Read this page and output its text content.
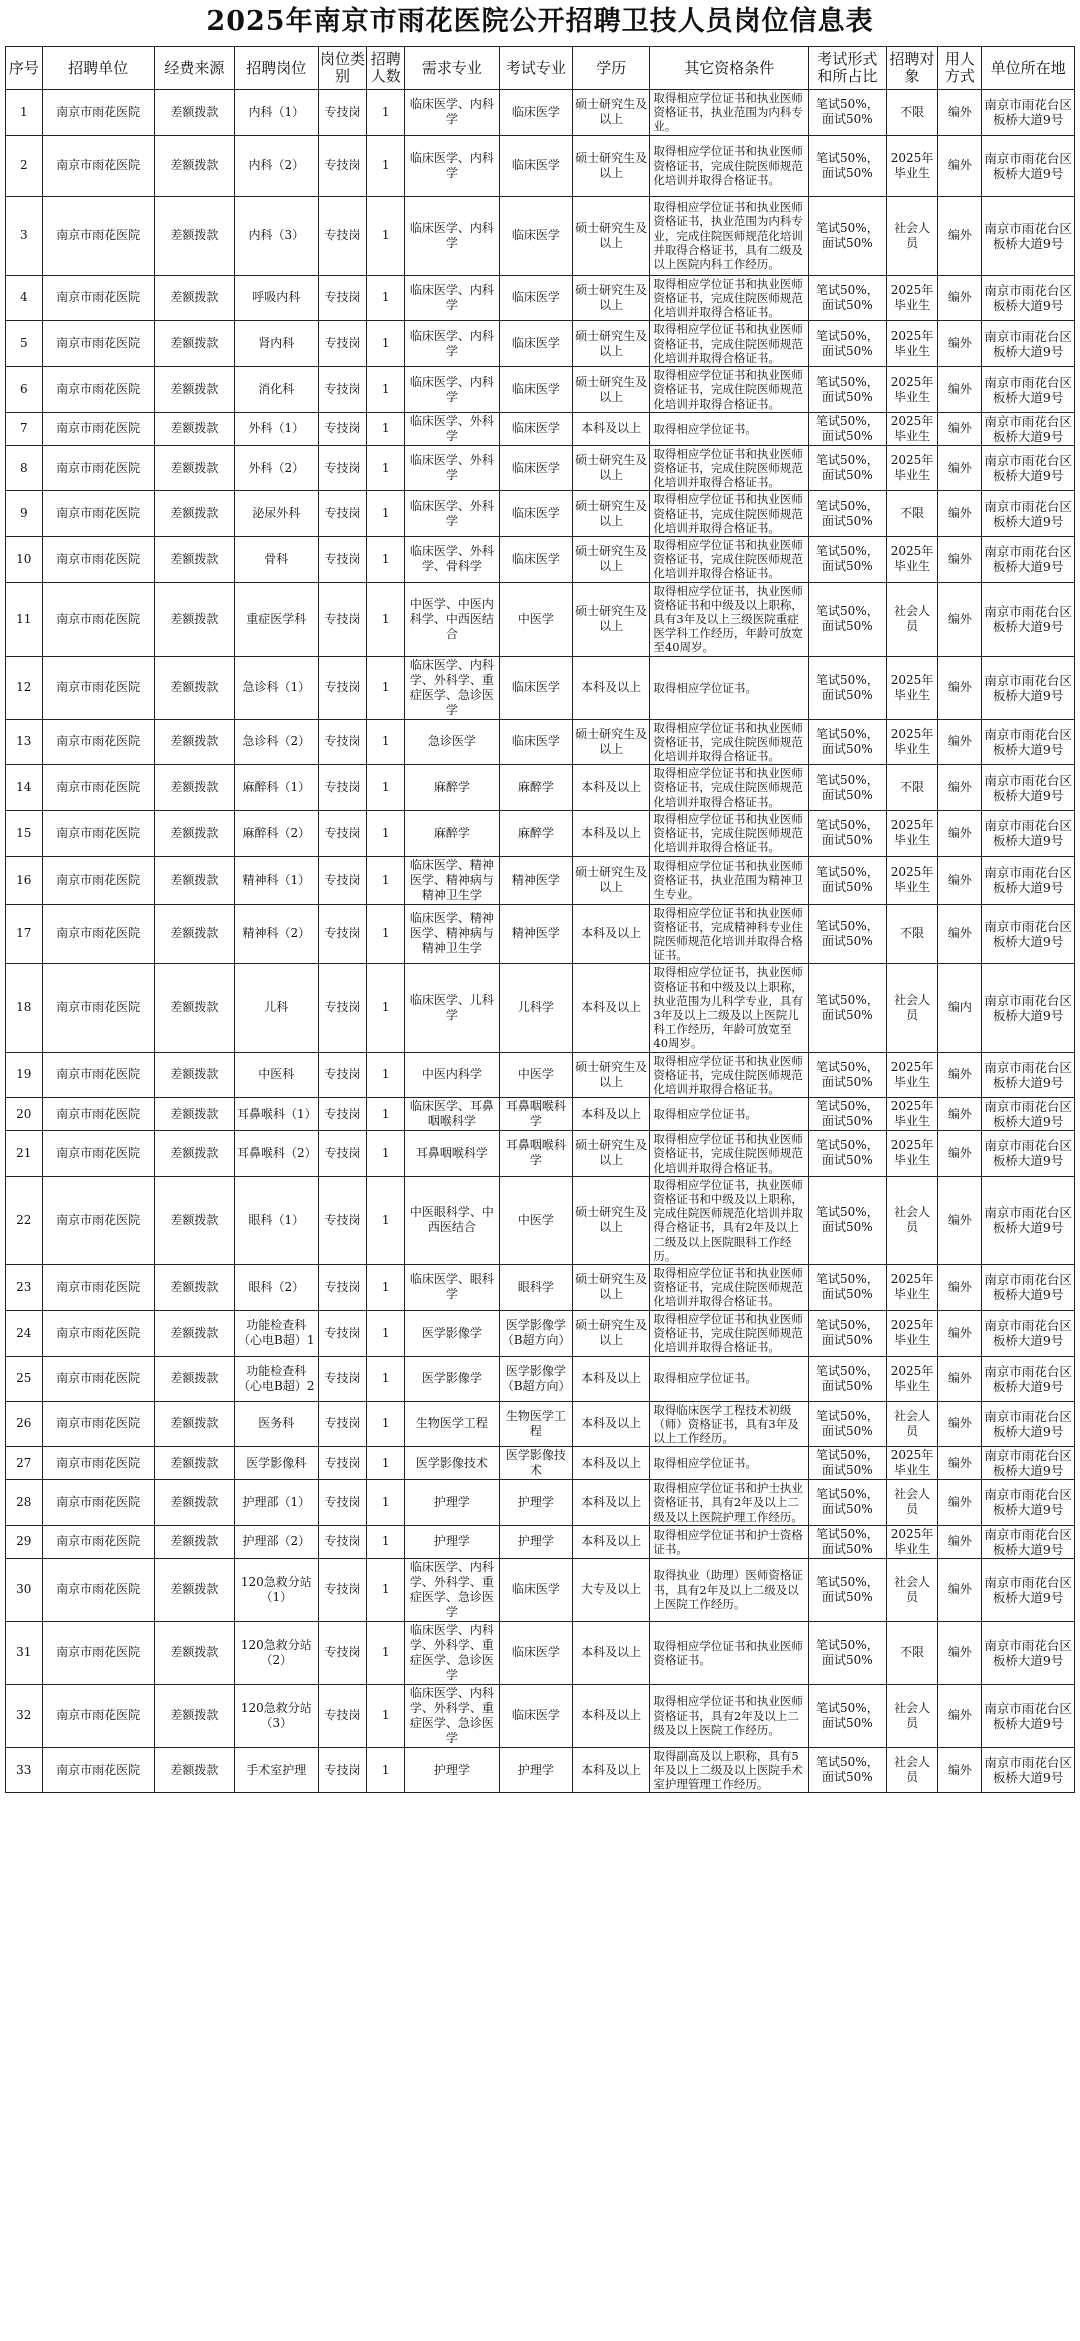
2025年南京市雨花医院公开招聘卫技人员岗位信息表
序号	招聘单位	经费来源	招聘岗位	岗位类别	招聘人数	需求专业	考试专业	学历	其它资格条件	考试形式和所占比	招聘对象	用人方式	单位所在地
1	南京市雨花医院	差额拨款	内科（1）	专技岗	1	临床医学、内科学	临床医学	硕士研究生及以上	取得相应学位证书和执业医师资格证书，执业范围为内科专业。	笔试50%，面试50%	不限	编外	南京市雨花台区板桥大道9号
2	南京市雨花医院	差额拨款	内科（2）	专技岗	1	临床医学、内科学	临床医学	硕士研究生及以上	取得相应学位证书和执业医师资格证书，完成住院医师规范化培训并取得合格证书。	笔试50%，面试50%	2025年毕业生	编外	南京市雨花台区板桥大道9号
3	南京市雨花医院	差额拨款	内科（3）	专技岗	1	临床医学、内科学	临床医学	硕士研究生及以上	取得相应学位证书和执业医师资格证书，执业范围为内科专业，完成住院医师规范化培训并取得合格证书，具有二级及以上医院内科工作经历。	笔试50%，面试50%	社会人员	编外	南京市雨花台区板桥大道9号
4	南京市雨花医院	差额拨款	呼吸内科	专技岗	1	临床医学、内科学	临床医学	硕士研究生及以上	取得相应学位证书和执业医师资格证书，完成住院医师规范化培训并取得合格证书。	笔试50%，面试50%	2025年毕业生	编外	南京市雨花台区板桥大道9号
5	南京市雨花医院	差额拨款	肾内科	专技岗	1	临床医学、内科学	临床医学	硕士研究生及以上	取得相应学位证书和执业医师资格证书，完成住院医师规范化培训并取得合格证书。	笔试50%，面试50%	2025年毕业生	编外	南京市雨花台区板桥大道9号
6	南京市雨花医院	差额拨款	消化科	专技岗	1	临床医学、内科学	临床医学	硕士研究生及以上	取得相应学位证书和执业医师资格证书，完成住院医师规范化培训并取得合格证书。	笔试50%，面试50%	2025年毕业生	编外	南京市雨花台区板桥大道9号
7	南京市雨花医院	差额拨款	外科（1）	专技岗	1	临床医学、外科学	临床医学	本科及以上	取得相应学位证书。	笔试50%，面试50%	2025年毕业生	编外	南京市雨花台区板桥大道9号
8	南京市雨花医院	差额拨款	外科（2）	专技岗	1	临床医学、外科学	临床医学	硕士研究生及以上	取得相应学位证书和执业医师资格证书，完成住院医师规范化培训并取得合格证书。	笔试50%，面试50%	2025年毕业生	编外	南京市雨花台区板桥大道9号
9	南京市雨花医院	差额拨款	泌尿外科	专技岗	1	临床医学、外科学	临床医学	硕士研究生及以上	取得相应学位证书和执业医师资格证书，完成住院医师规范化培训并取得合格证书。	笔试50%，面试50%	不限	编外	南京市雨花台区板桥大道9号
10	南京市雨花医院	差额拨款	骨科	专技岗	1	临床医学、外科学、骨科学	临床医学	硕士研究生及以上	取得相应学位证书和执业医师资格证书，完成住院医师规范化培训并取得合格证书。	笔试50%，面试50%	2025年毕业生	编外	南京市雨花台区板桥大道9号
11	南京市雨花医院	差额拨款	重症医学科	专技岗	1	中医学、中医内科学、中西医结合	中医学	硕士研究生及以上	取得相应学位证书，执业医师资格证书和中级及以上职称，具有3年及以上三级医院重症医学科工作经历，年龄可放宽至40周岁。	笔试50%，面试50%	社会人员	编外	南京市雨花台区板桥大道9号
12	南京市雨花医院	差额拨款	急诊科（1）	专技岗	1	临床医学、内科学、外科学、重症医学、急诊医学	临床医学	本科及以上	取得相应学位证书。	笔试50%，面试50%	2025年毕业生	编外	南京市雨花台区板桥大道9号
13	南京市雨花医院	差额拨款	急诊科（2）	专技岗	1	急诊医学	临床医学	硕士研究生及以上	取得相应学位证书和执业医师资格证书，完成住院医师规范化培训并取得合格证书。	笔试50%，面试50%	2025年毕业生	编外	南京市雨花台区板桥大道9号
14	南京市雨花医院	差额拨款	麻醉科（1）	专技岗	1	麻醉学	麻醉学	本科及以上	取得相应学位证书和执业医师资格证书，完成住院医师规范化培训并取得合格证书。	笔试50%，面试50%	不限	编外	南京市雨花台区板桥大道9号
15	南京市雨花医院	差额拨款	麻醉科（2）	专技岗	1	麻醉学	麻醉学	本科及以上	取得相应学位证书和执业医师资格证书，完成住院医师规范化培训并取得合格证书。	笔试50%，面试50%	2025年毕业生	编外	南京市雨花台区板桥大道9号
16	南京市雨花医院	差额拨款	精神科（1）	专技岗	1	临床医学、精神医学、精神病与精神卫生学	精神医学	硕士研究生及以上	取得相应学位证书和执业医师资格证书，执业范围为精神卫生专业。	笔试50%，面试50%	2025年毕业生	编外	南京市雨花台区板桥大道9号
17	南京市雨花医院	差额拨款	精神科（2）	专技岗	1	临床医学、精神医学、精神病与精神卫生学	精神医学	本科及以上	取得相应学位证书和执业医师资格证书，完成精神科专业住院医师规范化培训并取得合格证书。	笔试50%，面试50%	不限	编外	南京市雨花台区板桥大道9号
18	南京市雨花医院	差额拨款	儿科	专技岗	1	临床医学、儿科学	儿科学	本科及以上	取得相应学位证书，执业医师资格证书和中级及以上职称，执业范围为儿科学专业，具有3年及以上二级及以上医院儿科工作经历，年龄可放宽至40周岁。	笔试50%，面试50%	社会人员	编内	南京市雨花台区板桥大道9号
19	南京市雨花医院	差额拨款	中医科	专技岗	1	中医内科学	中医学	硕士研究生及以上	取得相应学位证书和执业医师资格证书，完成住院医师规范化培训并取得合格证书。	笔试50%，面试50%	2025年毕业生	编外	南京市雨花台区板桥大道9号
20	南京市雨花医院	差额拨款	耳鼻喉科（1）	专技岗	1	临床医学、耳鼻咽喉科学	耳鼻咽喉科学	本科及以上	取得相应学位证书。	笔试50%，面试50%	2025年毕业生	编外	南京市雨花台区板桥大道9号
21	南京市雨花医院	差额拨款	耳鼻喉科（2）	专技岗	1	耳鼻咽喉科学	耳鼻咽喉科学	硕士研究生及以上	取得相应学位证书和执业医师资格证书，完成住院医师规范化培训并取得合格证书。	笔试50%，面试50%	2025年毕业生	编外	南京市雨花台区板桥大道9号
22	南京市雨花医院	差额拨款	眼科（1）	专技岗	1	中医眼科学、中西医结合	中医学	硕士研究生及以上	取得相应学位证书，执业医师资格证书和中级及以上职称，完成住院医师规范化培训并取得合格证书，具有2年及以上二级及以上医院眼科工作经历。	笔试50%，面试50%	社会人员	编外	南京市雨花台区板桥大道9号
23	南京市雨花医院	差额拨款	眼科（2）	专技岗	1	临床医学、眼科学	眼科学	硕士研究生及以上	取得相应学位证书和执业医师资格证书，完成住院医师规范化培训并取得合格证书。	笔试50%，面试50%	2025年毕业生	编外	南京市雨花台区板桥大道9号
24	南京市雨花医院	差额拨款	功能检查科（心电B超）1	专技岗	1	医学影像学	医学影像学（B超方向）	硕士研究生及以上	取得相应学位证书和执业医师资格证书，完成住院医师规范化培训并取得合格证书。	笔试50%，面试50%	2025年毕业生	编外	南京市雨花台区板桥大道9号
25	南京市雨花医院	差额拨款	功能检查科（心电B超）2	专技岗	1	医学影像学	医学影像学（B超方向）	本科及以上	取得相应学位证书。	笔试50%，面试50%	2025年毕业生	编外	南京市雨花台区板桥大道9号
26	南京市雨花医院	差额拨款	医务科	专技岗	1	生物医学工程	生物医学工程	本科及以上	取得临床医学工程技术初级（师）资格证书，具有3年及以上工作经历。	笔试50%，面试50%	社会人员	编外	南京市雨花台区板桥大道9号
27	南京市雨花医院	差额拨款	医学影像科	专技岗	1	医学影像技术	医学影像技术	本科及以上	取得相应学位证书。	笔试50%，面试50%	2025年毕业生	编外	南京市雨花台区板桥大道9号
28	南京市雨花医院	差额拨款	护理部（1）	专技岗	1	护理学	护理学	本科及以上	取得相应学位证书和护士执业资格证书，具有2年及以上二级及以上医院护理工作经历。	笔试50%，面试50%	社会人员	编外	南京市雨花台区板桥大道9号
29	南京市雨花医院	差额拨款	护理部（2）	专技岗	1	护理学	护理学	本科及以上	取得相应学位证书和护士资格证书。	笔试50%，面试50%	2025年毕业生	编外	南京市雨花台区板桥大道9号
30	南京市雨花医院	差额拨款	120急救分站（1）	专技岗	1	临床医学、内科学、外科学、重症医学、急诊医学	临床医学	大专及以上	取得执业（助理）医师资格证书，具有2年及以上二级及以上医院工作经历。	笔试50%，面试50%	社会人员	编外	南京市雨花台区板桥大道9号
31	南京市雨花医院	差额拨款	120急救分站（2）	专技岗	1	临床医学、内科学、外科学、重症医学、急诊医学	临床医学	本科及以上	取得相应学位证书和执业医师资格证书。	笔试50%，面试50%	不限	编外	南京市雨花台区板桥大道9号
32	南京市雨花医院	差额拨款	120急救分站（3）	专技岗	1	临床医学、内科学、外科学、重症医学、急诊医学	临床医学	本科及以上	取得相应学位证书和执业医师资格证书，具有2年及以上二级及以上医院工作经历。	笔试50%，面试50%	社会人员	编外	南京市雨花台区板桥大道9号
33	南京市雨花医院	差额拨款	手术室护理	专技岗	1	护理学	护理学	本科及以上	取得副高及以上职称，具有5年及以上二级及以上医院手术室护理管理工作经历。	笔试50%，面试50%	社会人员	编外	南京市雨花台区板桥大道9号
